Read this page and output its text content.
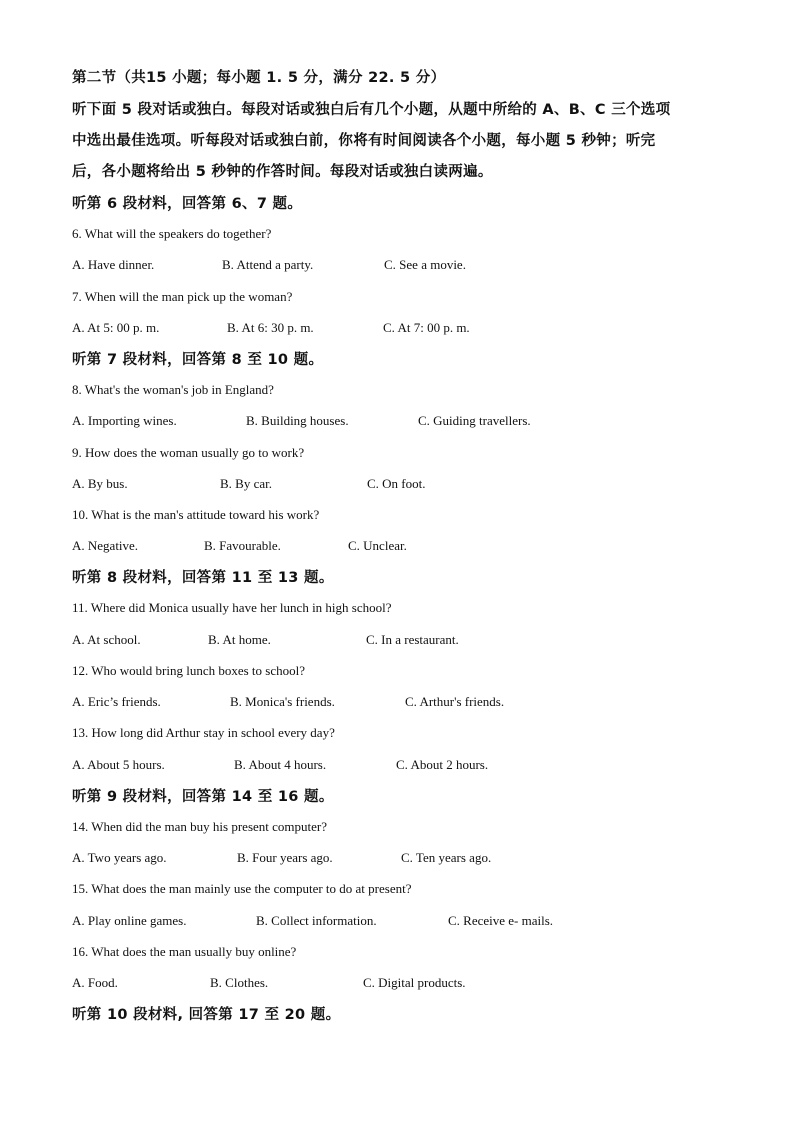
第二节（共15 小题；每小题 1. 5 分，满分 22. 5 分）
听下面 5 段对话或独白。每段对话或独白后有几个小题，从题中所给的 A、B、C 三个选项
中选出最佳选项。听每段对话或独白前，你将有时间阅读各个小题，每小题 5 秒钟；听完
后，各小题将给出 5 秒钟的作答时间。每段对话或独白读两遍。
听第 6 段材料，回答第 6、7 题。
6. What will the speakers do together?
A. Have dinner.	B. Attend a party.	C. See a movie.
7. When will the man pick up the woman?
A. At 5: 00 p. m.	B. At 6: 30 p. m.	C. At 7: 00 p. m.
听第 7 段材料，回答第 8 至 10 题。
8. What's the woman's job in England?
A. Importing wines.	B. Building houses.	C. Guiding travellers.
9. How does the woman usually go to work?
A. By bus.	B. By car.	C. On foot.
10. What is the man's attitude toward his work?
A. Negative.	B. Favourable.	C. Unclear.
听第 8 段材料，回答第 11 至 13 题。
11. Where did Monica usually have her lunch in high school?
A. At school.	B. At home.	C. In a restaurant.
12. Who would bring lunch boxes to school?
A. Eric’s friends.	B. Monica's friends.	C. Arthur's friends.
13. How long did Arthur stay in school every day?
A. About 5 hours.	B. About 4 hours.	C. About 2 hours.
听第 9 段材料，回答第 14 至 16 题。
14. When did the man buy his present computer?
A. Two years ago.	B. Four years ago.	C. Ten years ago.
15. What does the man mainly use the computer to do at present?
A. Play online games.	B. Collect information.	C. Receive e- mails.
16. What does the man usually buy online?
A. Food.	B. Clothes.	C. Digital products.
听第 10 段材料, 回答第 17 至 20 题。
